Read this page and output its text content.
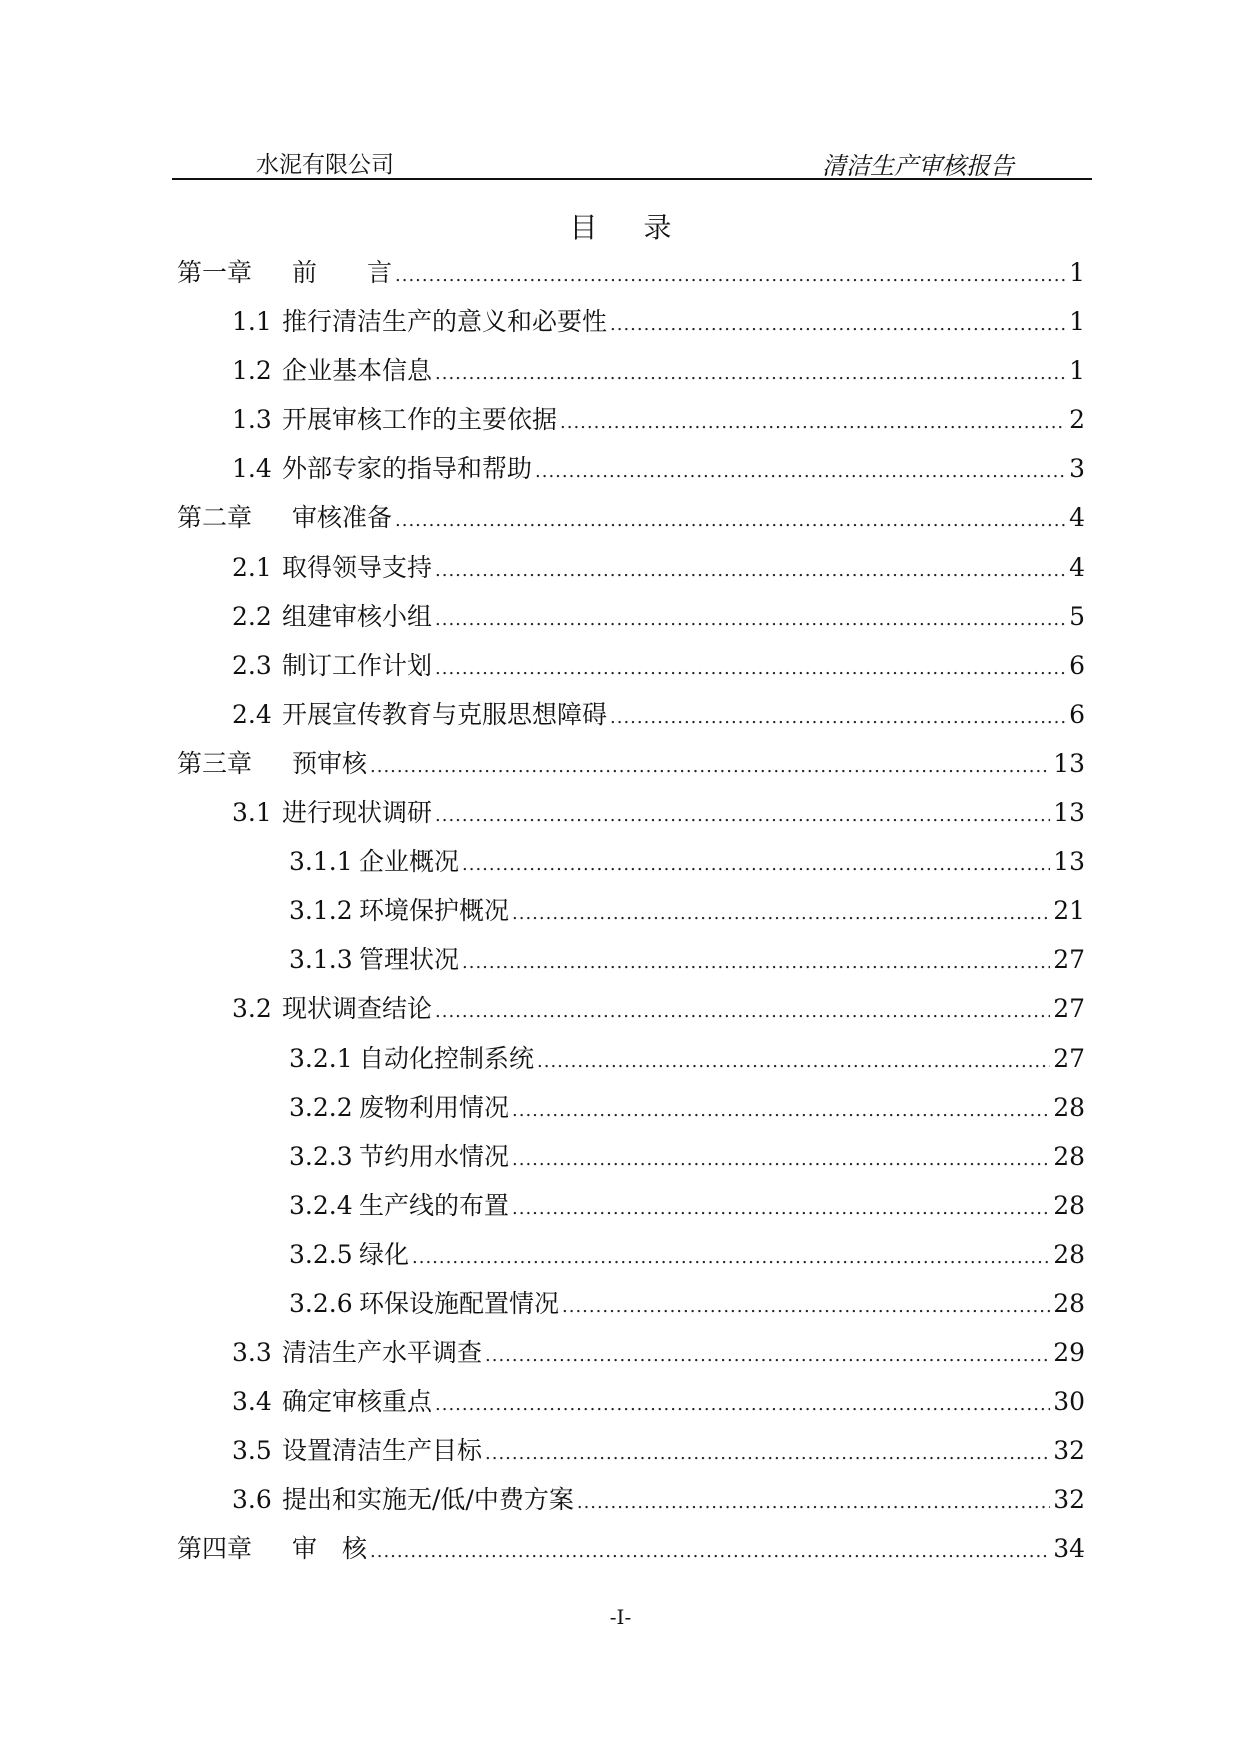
水泥有限公司	清洁生产审核报告
目录
第一章	前　　言 .....	1
1.1 推行清洁生产的意义和必要性 .....	1
1.2 企业基本信息 .....	1
1.3 开展审核工作的主要依据 .....	2
1.4 外部专家的指导和帮助 .....	3
第二章	审核准备 .....	4
2.1 取得领导支持 .....	4
2.2 组建审核小组 .....	5
2.3 制订工作计划 .....	6
2.4 开展宣传教育与克服思想障碍 .....	6
第三章	预审核 .....	13
3.1 进行现状调研 .....	13
3.1.1 企业概况 .....	13
3.1.2 环境保护概况 .....	21
3.1.3 管理状况 .....	27
3.2 现状调查结论 .....	27
3.2.1 自动化控制系统 .....	27
3.2.2 废物利用情况 .....	28
3.2.3 节约用水情况 .....	28
3.2.4 生产线的布置 .....	28
3.2.5 绿化 .....	28
3.2.6 环保设施配置情况 .....	28
3.3 清洁生产水平调查 .....	29
3.4 确定审核重点 .....	30
3.5 设置清洁生产目标 .....	32
3.6 提出和实施无/低/中费方案 .....	32
第四章	审　核 .....	34
-I-
